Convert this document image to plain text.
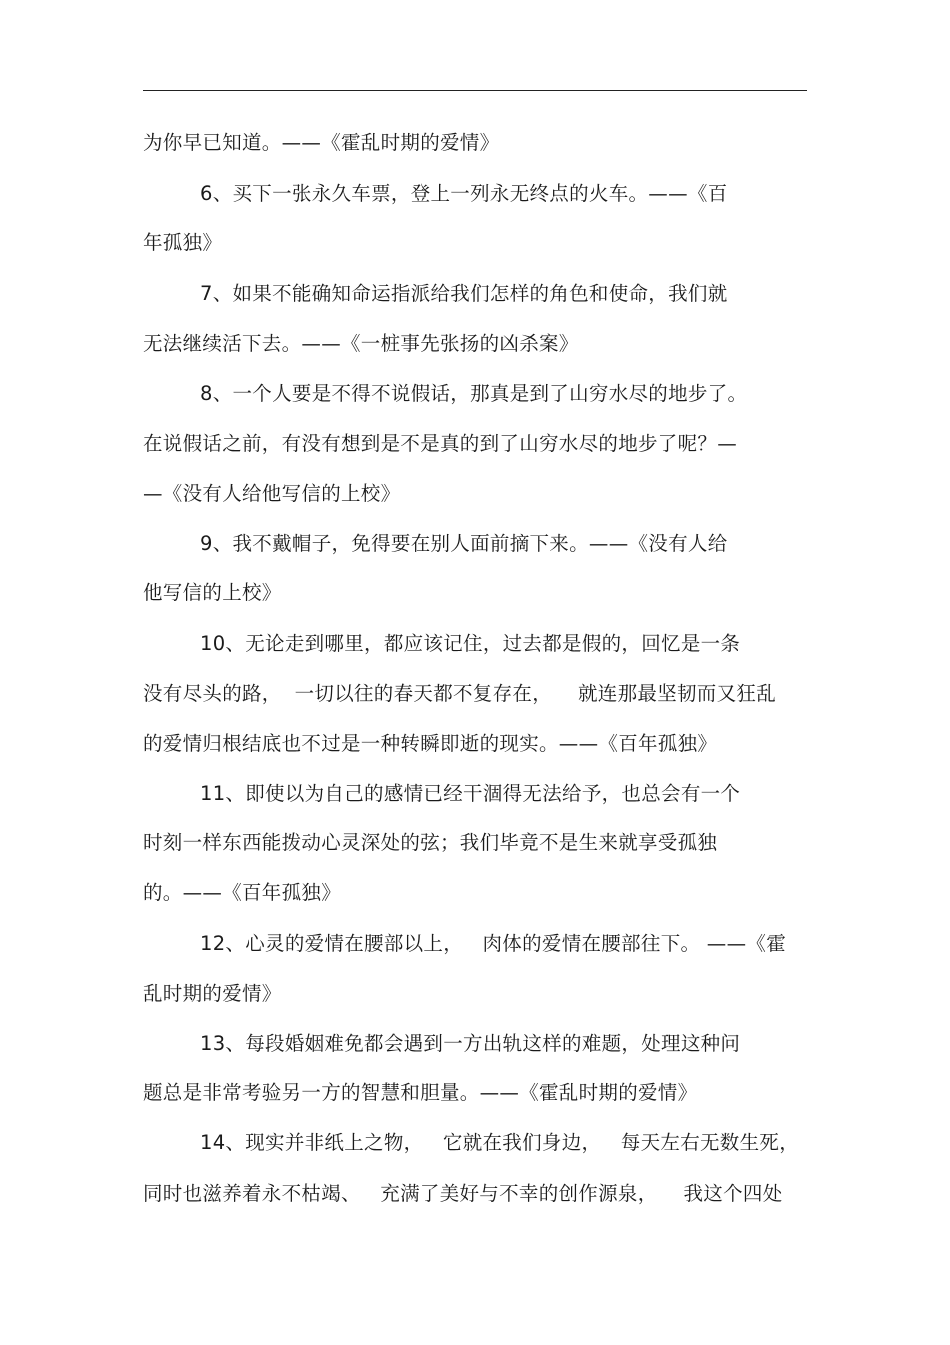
为你早已知道。——《霍乱时期的爱情》
6、买下一张永久车票，登上一列永无终点的火车。——《百
年孤独》
7、如果不能确知命运指派给我们怎样的角色和使命，我们就
无法继续活下去。——《一桩事先张扬的凶杀案》
8、一个人要是不得不说假话，那真是到了山穷水尽的地步了。
在说假话之前，有没有想到是不是真的到了山穷水尽的地步了呢？—
—《没有人给他写信的上校》
9、我不戴帽子，免得要在别人面前摘下来。——《没有人给
他写信的上校》
10、无论走到哪里，都应该记住，过去都是假的，回忆是一条
没有尽头的路，  一切以往的春天都不复存在，    就连那最坚韧而又狂乱
的爱情归根结底也不过是一种转瞬即逝的现实。——《百年孤独》
11、即使以为自己的感情已经干涸得无法给予，也总会有一个
时刻一样东西能拨动心灵深处的弦；我们毕竟不是生来就享受孤独
的。——《百年孤独》
12、心灵的爱情在腰部以上，   肉体的爱情在腰部往下。 ——《霍
乱时期的爱情》
13、每段婚姻难免都会遇到一方出轨这样的难题，处理这种问
题总是非常考验另一方的智慧和胆量。——《霍乱时期的爱情》
14、现实并非纸上之物，   它就在我们身边，   每天左右无数生死，
同时也滋养着永不枯竭、   充满了美好与不幸的创作源泉，    我这个四处
